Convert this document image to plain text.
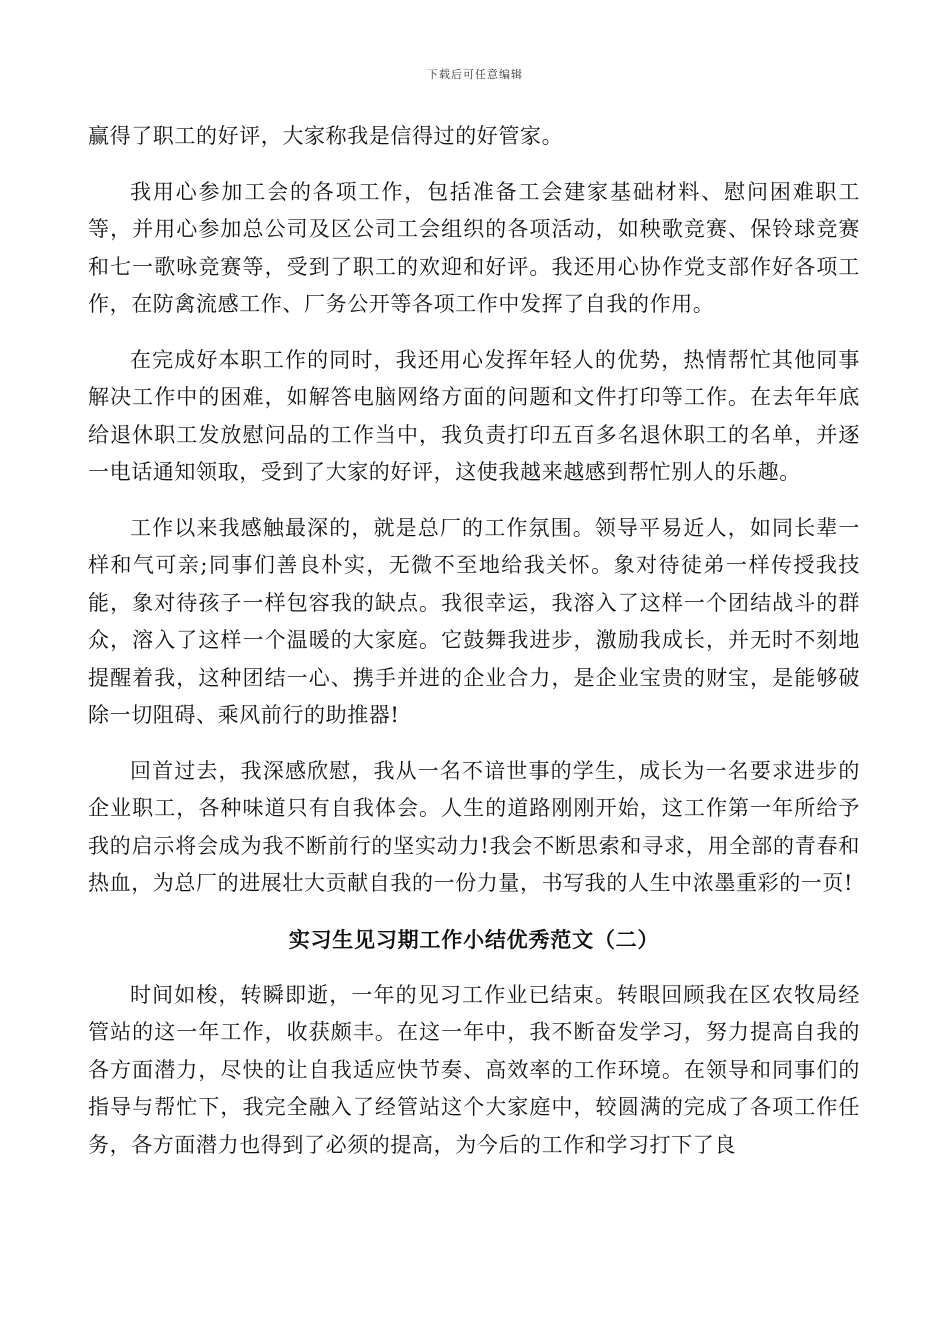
下载后可任意编辑

赢得了职工的好评，大家称我是信得过的好管家。

我用心参加工会的各项工作，包括准备工会建家基础材料、慰问困难职工等，并用心参加总公司及区公司工会组织的各项活动，如秧歌竞赛、保铃球竞赛和七一歌咏竞赛等，受到了职工的欢迎和好评。我还用心协作党支部作好各项工作，在防禽流感工作、厂务公开等各项工作中发挥了自我的作用。

在完成好本职工作的同时，我还用心发挥年轻人的优势，热情帮忙其他同事解决工作中的困难，如解答电脑网络方面的问题和文件打印等工作。在去年年底给退休职工发放慰问品的工作当中，我负责打印五百多名退休职工的名单，并逐一电话通知领取，受到了大家的好评，这使我越来越感到帮忙别人的乐趣。

工作以来我感触最深的，就是总厂的工作氛围。领导平易近人，如同长辈一样和气可亲;同事们善良朴实，无微不至地给我关怀。象对待徒弟一样传授我技能，象对待孩子一样包容我的缺点。我很幸运，我溶入了这样一个团结战斗的群众，溶入了这样一个温暖的大家庭。它鼓舞我进步，激励我成长，并无时不刻地提醒着我，这种团结一心、携手并进的企业合力，是企业宝贵的财宝，是能够破除一切阻碍、乘风前行的助推器!

回首过去，我深感欣慰，我从一名不谙世事的学生，成长为一名要求进步的企业职工，各种味道只有自我体会。人生的道路刚刚开始，这工作第一年所给予我的启示将会成为我不断前行的坚实动力!我会不断思索和寻求，用全部的青春和热血，为总厂的进展壮大贡献自我的一份力量，书写我的人生中浓墨重彩的一页!

实习生见习期工作小结优秀范文（二）

时间如梭，转瞬即逝，一年的见习工作业已结束。转眼回顾我在区农牧局经管站的这一年工作，收获颇丰。在这一年中，我不断奋发学习，努力提高自我的各方面潜力，尽快的让自我适应快节奏、高效率的工作环境。在领导和同事们的指导与帮忙下，我完全融入了经管站这个大家庭中，较圆满的完成了各项工作任务，各方面潜力也得到了必须的提高，为今后的工作和学习打下了良
